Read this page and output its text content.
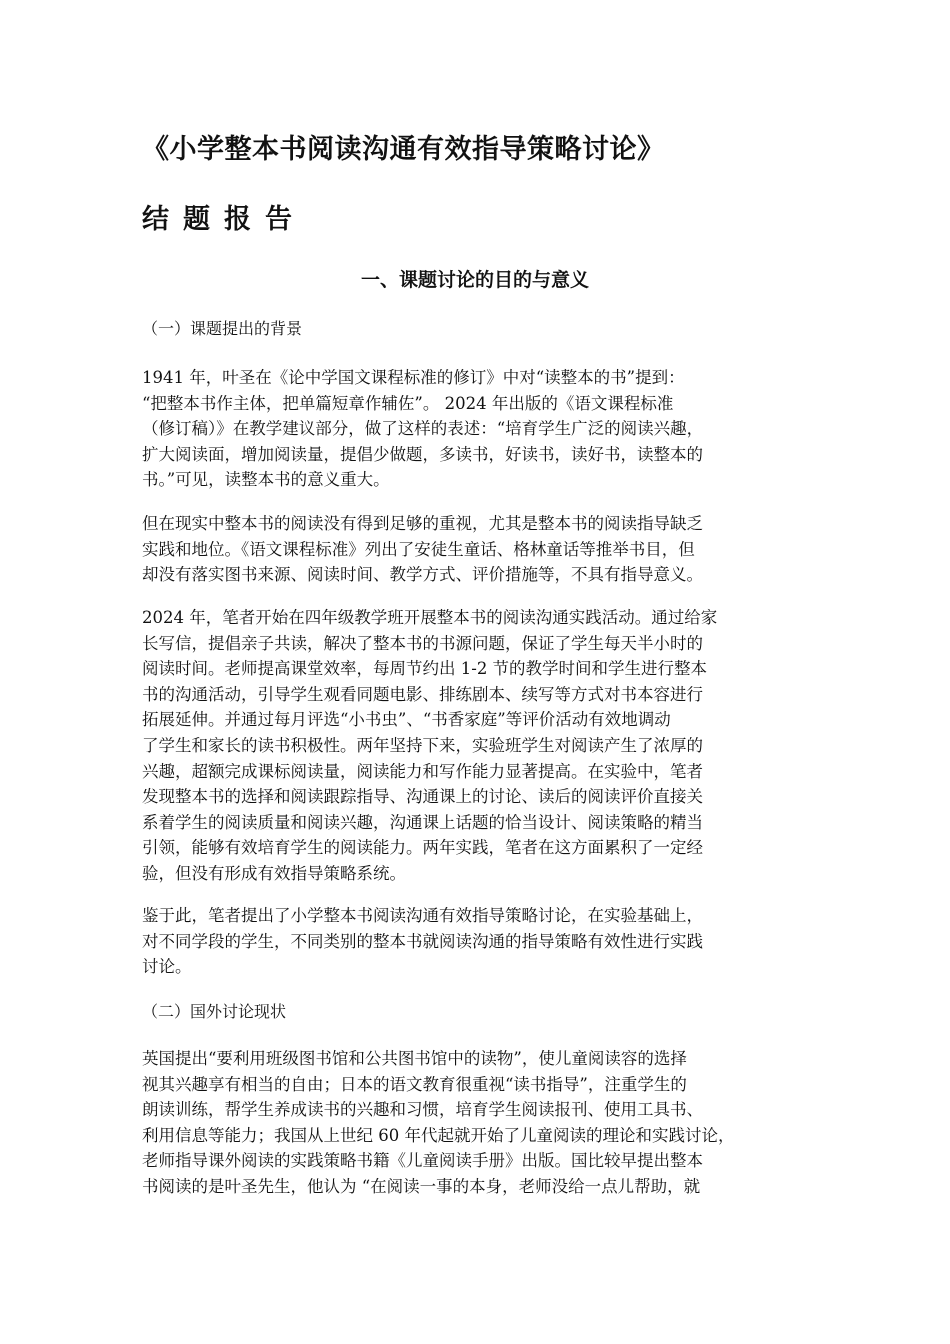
《小学整本书阅读沟通有效指导策略讨论》
结题报告
一、课题讨论的目的与意义
（一）课题提出的背景

1941 年，叶圣在《论中学国文课程标准的修订》中对“读整本的书”提到：
“把整本书作主体，把单篇短章作辅佐”。 2024 年出版的《语文课程标准
（修订稿）》在教学建议部分，做了这样的表述：“培育学生广泛的阅读兴趣，
扩大阅读面，增加阅读量，提倡少做题，多读书，好读书，读好书，读整本的
书。”可见，读整本书的意义重大。

但在现实中整本书的阅读没有得到足够的重视，尤其是整本书的阅读指导缺乏
实践和地位。《语文课程标准》列出了安徒生童话、格林童话等推举书目，但
却没有落实图书来源、阅读时间、教学方式、评价措施等，不具有指导意义。

2024 年，笔者开始在四年级教学班开展整本书的阅读沟通实践活动。通过给家
长写信，提倡亲子共读，解决了整本书的书源问题，保证了学生每天半小时的
阅读时间。老师提高课堂效率，每周节约出 1-2 节的教学时间和学生进行整本
书的沟通活动，引导学生观看同题电影、排练剧本、续写等方式对书本容进行
拓展延伸。并通过每月评选“小书虫”、“书香家庭”等评价活动有效地调动
了学生和家长的读书积极性。两年坚持下来，实验班学生对阅读产生了浓厚的
兴趣，超额完成课标阅读量，阅读能力和写作能力显著提高。在实验中，笔者
发现整本书的选择和阅读跟踪指导、沟通课上的讨论、读后的阅读评价直接关
系着学生的阅读质量和阅读兴趣，沟通课上话题的恰当设计、阅读策略的精当
引领，能够有效培育学生的阅读能力。两年实践，笔者在这方面累积了一定经
验，但没有形成有效指导策略系统。

鉴于此，笔者提出了小学整本书阅读沟通有效指导策略讨论，在实验基础上，
对不同学段的学生，不同类别的整本书就阅读沟通的指导策略有效性进行实践
讨论。

（二）国外讨论现状

英国提出“要利用班级图书馆和公共图书馆中的读物”，使儿童阅读容的选择
视其兴趣享有相当的自由；日本的语文教育很重视“读书指导”，注重学生的
朗读训练，帮学生养成读书的兴趣和习惯，培育学生阅读报刊、使用工具书、
利用信息等能力；我国从上世纪 60 年代起就开始了儿童阅读的理论和实践讨论，
老师指导课外阅读的实践策略书籍《儿童阅读手册》出版。国比较早提出整本
书阅读的是叶圣先生，他认为 “在阅读一事的本身，老师没给一点儿帮助，就
